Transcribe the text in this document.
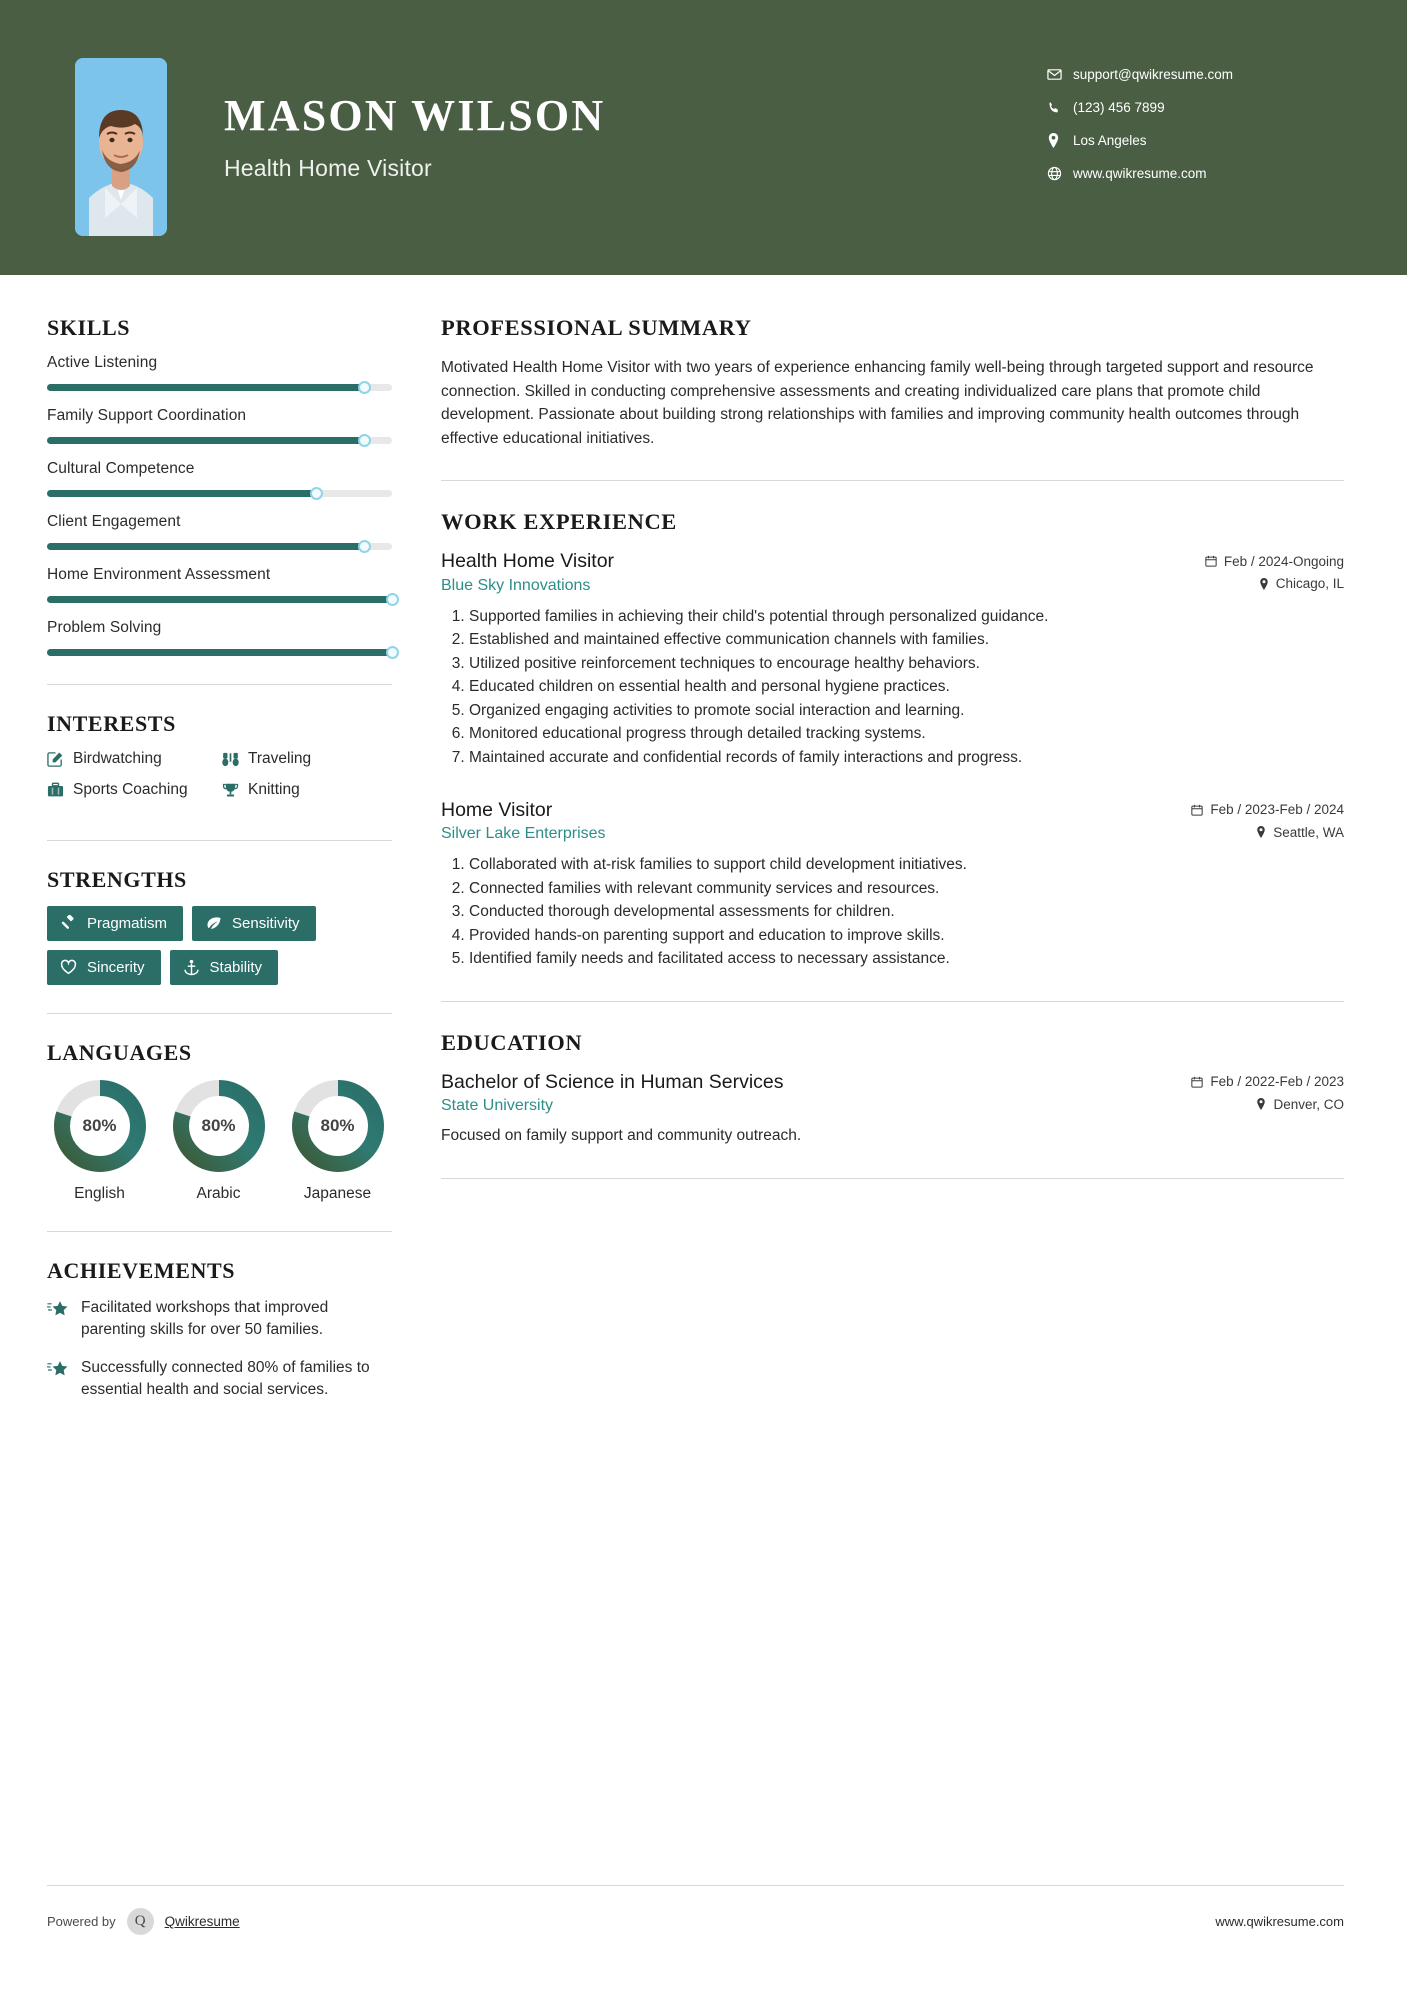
MASON WILSON
Health Home Visitor
support@qwikresume.com
(123) 456 7899
Los Angeles
www.qwikresume.com
SKILLS
Active Listening
Family Support Coordination
Cultural Competence
Client Engagement
Home Environment Assessment
Problem Solving
INTERESTS
Birdwatching	Traveling
Sports Coaching	Knitting
STRENGTHS
Pragmatism	Sensitivity
Sincerity	Stability
LANGUAGES
80%
English
80%
Arabic
80%
Japanese
ACHIEVEMENTS
Facilitated workshops that improved parenting skills for over 50 families.
Successfully connected 80% of families to essential health and social services.
PROFESSIONAL SUMMARY
Motivated Health Home Visitor with two years of experience enhancing family well-being through targeted support and resource connection. Skilled in conducting comprehensive assessments and creating individualized care plans that promote child development. Passionate about building strong relationships with families and improving community health outcomes through effective educational initiatives.
WORK EXPERIENCE
Health Home Visitor	Feb / 2024-Ongoing
Blue Sky Innovations	Chicago, IL
1. Supported families in achieving their child's potential through personalized guidance.
2. Established and maintained effective communication channels with families.
3. Utilized positive reinforcement techniques to encourage healthy behaviors.
4. Educated children on essential health and personal hygiene practices.
5. Organized engaging activities to promote social interaction and learning.
6. Monitored educational progress through detailed tracking systems.
7. Maintained accurate and confidential records of family interactions and progress.
Home Visitor	Feb / 2023-Feb / 2024
Silver Lake Enterprises	Seattle, WA
1. Collaborated with at-risk families to support child development initiatives.
2. Connected families with relevant community services and resources.
3. Conducted thorough developmental assessments for children.
4. Provided hands-on parenting support and education to improve skills.
5. Identified family needs and facilitated access to necessary assistance.
EDUCATION
Bachelor of Science in Human Services	Feb / 2022-Feb / 2023
State University	Denver, CO
Focused on family support and community outreach.
Powered by	Q	Qwikresume	www.qwikresume.com
